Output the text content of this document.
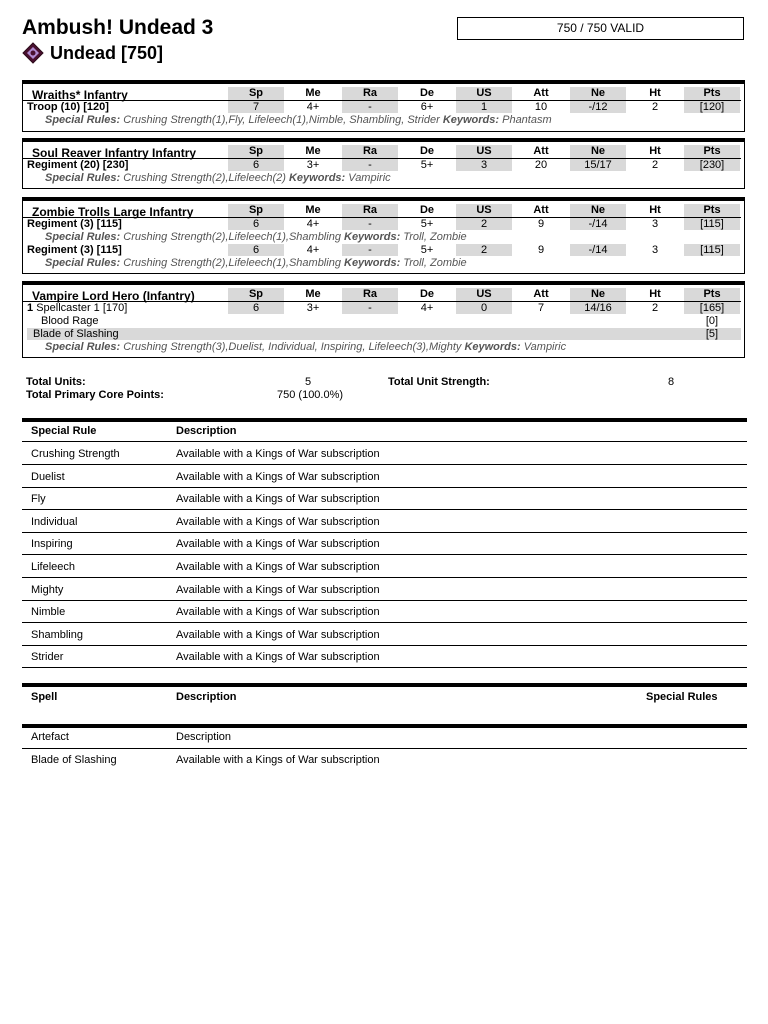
Ambush! Undead 3	750 / 750 VALID
Undead [750]
Wraiths* Infantry	Sp	Me	Ra	De	US	Att	Ne	Ht	Pts
Troop (10) [120]	7	4+	-	6+	1	10	-/12	2	[120]
Special Rules: Crushing Strength(1),Fly, Lifeleech(1),Nimble, Shambling, Strider Keywords: Phantasm
Soul Reaver Infantry Infantry	Sp	Me	Ra	De	US	Att	Ne	Ht	Pts
Regiment (20) [230]	6	3+	-	5+	3	20	15/17	2	[230]
Special Rules: Crushing Strength(2),Lifeleech(2) Keywords: Vampiric
Zombie Trolls Large Infantry	Sp	Me	Ra	De	US	Att	Ne	Ht	Pts
Regiment (3) [115]	6	4+	-	5+	2	9	-/14	3	[115]
Special Rules: Crushing Strength(2),Lifeleech(1),Shambling Keywords: Troll, Zombie
Regiment (3) [115]	6	4+	-	5+	2	9	-/14	3	[115]
Special Rules: Crushing Strength(2),Lifeleech(1),Shambling Keywords: Troll, Zombie
Vampire Lord Hero (Infantry)	Sp	Me	Ra	De	US	Att	Ne	Ht	Pts
1 Spellcaster 1 [170]	6	3+	-	4+	0	7	14/16	2	[165]
Blood Rage	[0]
Blade of Slashing	[5]
Special Rules: Crushing Strength(3),Duelist, Individual, Inspiring, Lifeleech(3),Mighty Keywords: Vampiric
Total Units:	5	Total Unit Strength:	8
Total Primary Core Points:	750 (100.0%)
Special Rule	Description
Crushing Strength	Available with a Kings of War subscription
Duelist	Available with a Kings of War subscription
Fly	Available with a Kings of War subscription
Individual	Available with a Kings of War subscription
Inspiring	Available with a Kings of War subscription
Lifeleech	Available with a Kings of War subscription
Mighty	Available with a Kings of War subscription
Nimble	Available with a Kings of War subscription
Shambling	Available with a Kings of War subscription
Strider	Available with a Kings of War subscription
Spell	Description	Special Rules
Artefact	Description
Blade of Slashing	Available with a Kings of War subscription
